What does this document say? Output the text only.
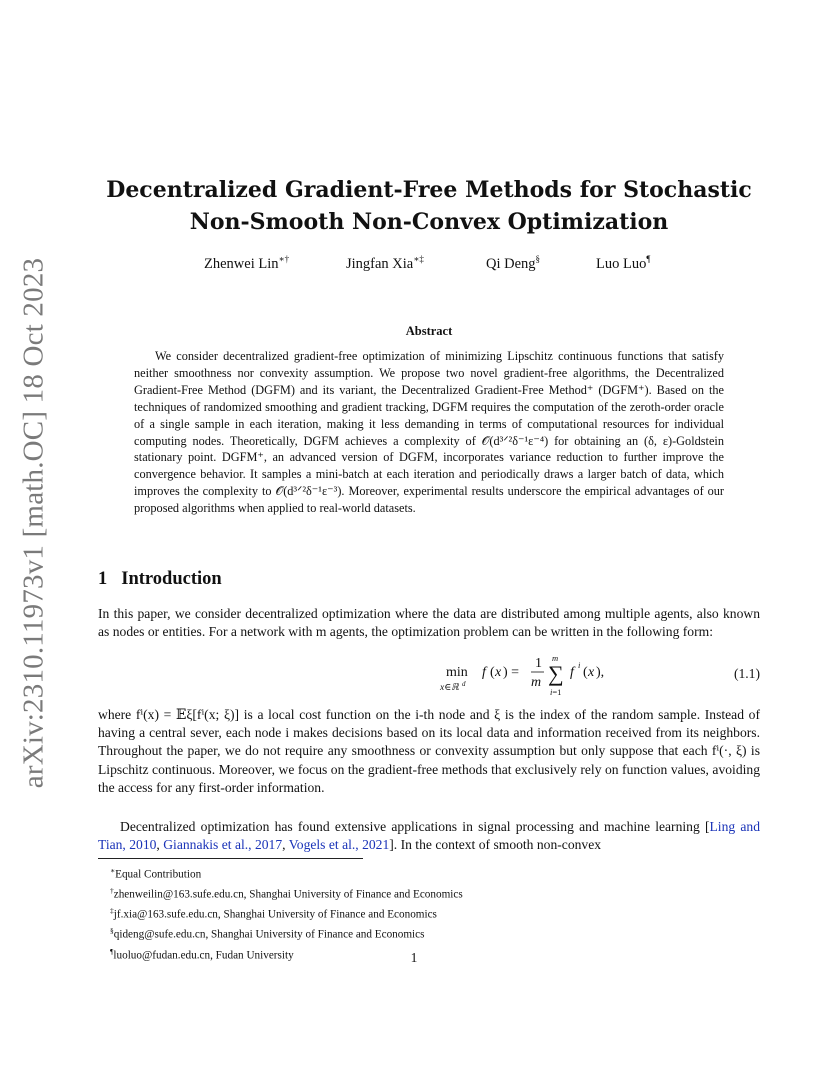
arXiv:2310.11973v1 [math.OC] 18 Oct 2023
Decentralized Gradient-Free Methods for Stochastic
Non-Smooth Non-Convex Optimization
Zhenwei Lin∗†	Jingfan Xia∗‡	Qi Deng§	Luo Luo¶
Abstract
We consider decentralized gradient-free optimization of minimizing Lipschitz continuous functions that satisfy neither smoothness nor convexity assumption. We propose two novel gradient-free algorithms, the Decentralized Gradient-Free Method (DGFM) and its variant, the Decentralized Gradient-Free Method⁺ (DGFM⁺). Based on the techniques of randomized smoothing and gradient tracking, DGFM requires the computation of the zeroth-order oracle of a single sample in each iteration, making it less demanding in terms of computational resources for individual computing nodes. Theoretically, DGFM achieves a complexity of 𝒪(d³ᐟ²δ⁻¹ε⁻⁴) for obtaining an (δ, ε)-Goldstein stationary point. DGFM⁺, an advanced version of DGFM, incorporates variance reduction to further improve the convergence behavior. It samples a mini-batch at each iteration and periodically draws a larger batch of data, which improves the complexity to 𝒪(d³ᐟ²δ⁻¹ε⁻³). Moreover, experimental results underscore the empirical advantages of our proposed algorithms when applied to real-world datasets.
1 Introduction
In this paper, we consider decentralized optimization where the data are distributed among multiple agents, also known as nodes or entities. For a network with m agents, the optimization problem can be written in the following form:
min
x∈ℝ d
f ( x ) =
1
m
m
∑
i=1
f i ( x ),	(1.1)
where fⁱ(x) = 𝔼ξ[fⁱ(x; ξ)] is a local cost function on the i-th node and ξ is the index of the random sample. Instead of having a central sever, each node i makes decisions based on its local data and information received from its neighbors. Throughout the paper, we do not require any smoothness or convexity assumption but only suppose that each fⁱ(·, ξ) is Lipschitz continuous. Moreover, we focus on the gradient-free methods that exclusively rely on function values, avoiding the access for any first-order information.
Decentralized optimization has found extensive applications in signal processing and machine learning [Ling and Tian, 2010, Giannakis et al., 2017, Vogels et al., 2021]. In the context of smooth non-convex
∗Equal Contribution
†zhenweilin@163.sufe.edu.cn, Shanghai University of Finance and Economics
‡jf.xia@163.sufe.edu.cn, Shanghai University of Finance and Economics
§qideng@sufe.edu.cn, Shanghai University of Finance and Economics
¶luoluo@fudan.edu.cn, Fudan University	1
